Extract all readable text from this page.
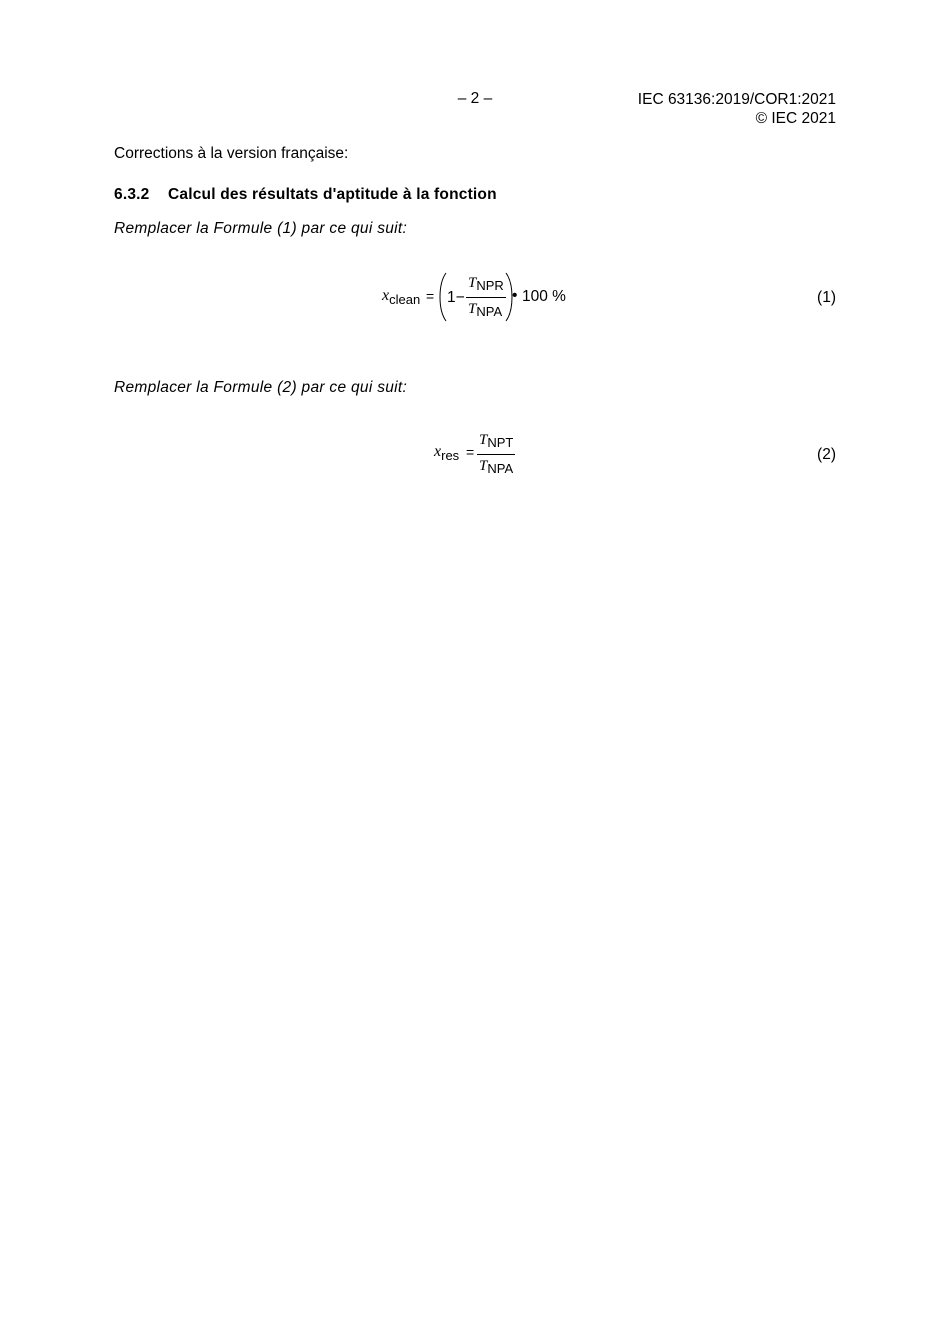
– 2 –	IEC 63136:2019/COR1:2021
© IEC 2021
Corrections à la version française:
6.3.2 Calcul des résultats d'aptitude à la fonction
Remplacer la Formule (1) par ce qui suit:
$x_{clean} = 1-$
TNPR
TNPA
• 100 %	(1)
Remplacer la Formule (2) par ce qui suit:
$x_{res}$ =
TNPT
TNPA
(2)
